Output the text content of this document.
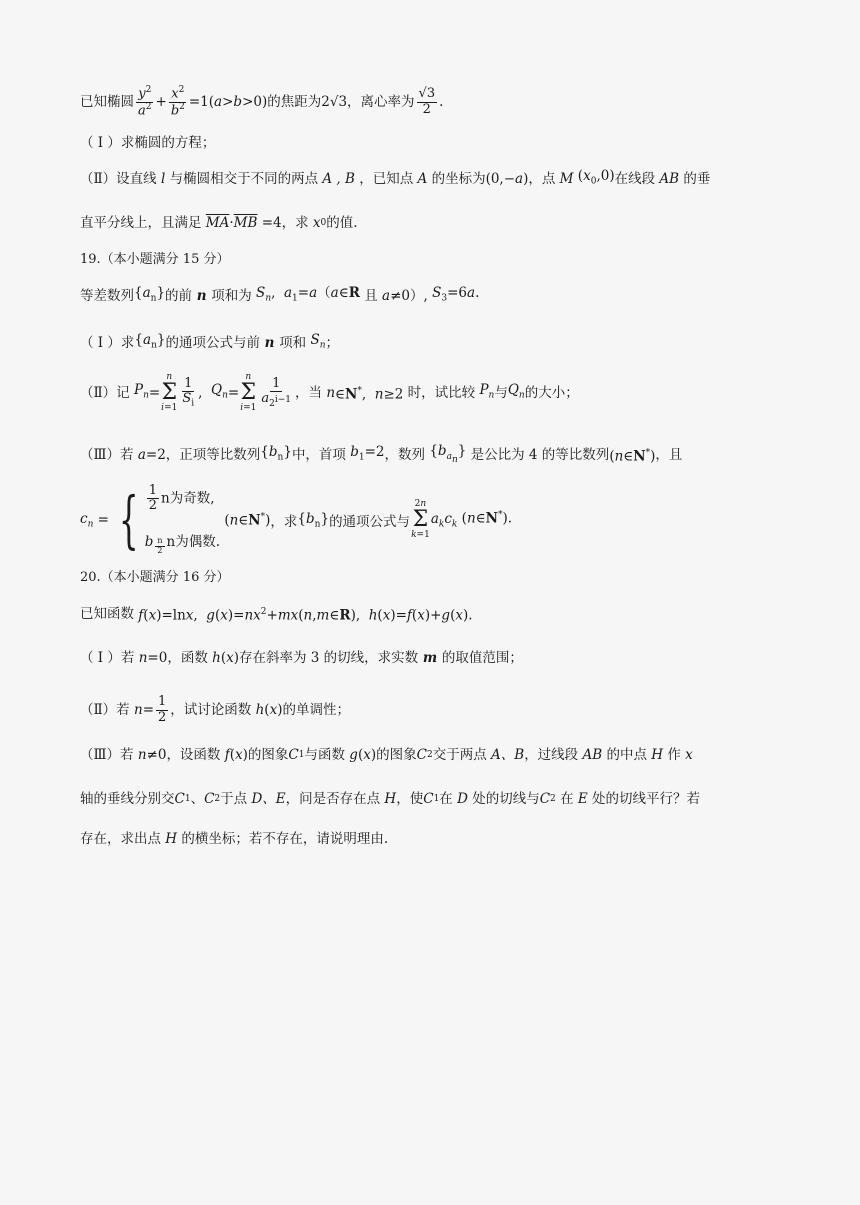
已知椭圆 $\frac{y^2}{a^2} + \frac{x^2}{b^2} =1(a>b>0)$ 的焦距为 2√3 ，离心率为 $\frac{√3}{2}$ .
（ I ）求椭圆的方程；
（Ⅱ）设直线 l 与椭圆相交于不同的两点 A , B ，已知点 A 的坐标为 (0,−a) ，点 M $(x_0,0)$ 在线段 AB 的垂
直平分线上，且满足 $\overline{MA}\cdot\overline{MB} =4$ ，求 x 0 的值.
19.（本小题满分 15 分）
等差数列 $\{a_n\}$ 的前 n 项和为 $S_n$ ,  $a_1=a(a\in R$ 且 a≠0 ）, $S_3=6a$.
（ I ）求 $\{a_n\}$ 的通项公式与前 n 项和 $S_n$ ；
（Ⅱ）记 $P_n$ =
n
Σ
$i=1 \frac{1}{S_i}$ , $Q_n$ =
n
Σ
$i=1 \frac{1}{a_{2^{i-1}}}$ ，当 n ∈N*,  n≥2 时，试比较 $P_n$ 与 $Q_n$ 的大小；
（Ⅲ）若 a=2 ，正项等比数列 $\{b_n\}$ 中，首项 $b_1=2$ ，数列 $\{b_{a_n}\}$ 是公比为 4 的等比数列 (n∈N*) ，且
$c_n$ = { $\frac{1}{2}$ n为奇数,
b $_{\frac{n}{2}}$ n为偶数.
(n∈N*) ，求 $\{b_n\}$ 的通项公式与
2n
Σ
k=1
$a_kc_k$ (n∈N*).
20.（本小题满分 16 分）
已知函数 f(x)=lnx,  $g(x)=nx^2+mx(n,m\in R)$,  h(x)=f(x)+g(x).
（ I ）若 n=0 ，函数 h(x) 存在斜率为 3 的切线，求实数 m 的取值范围；
（Ⅱ）若 $n= \frac{1}{2}$ ，试讨论函数 h(x) 的单调性；
（Ⅲ）若 n≠0 ，设函数 f(x) 的图象 C 1 与函数 g(x) 的图象 C 2 交于两点 A、B ，过线段 AB 的中点 H 作 x
轴的垂线分别交 C 1 、 C 2 于点 D、E ，问是否存在点 H ，使 C 1 在 D 处的切线与 C 2 在 E 处的切线平行？若
存在，求出点 H 的横坐标；若不存在，请说明理由.
